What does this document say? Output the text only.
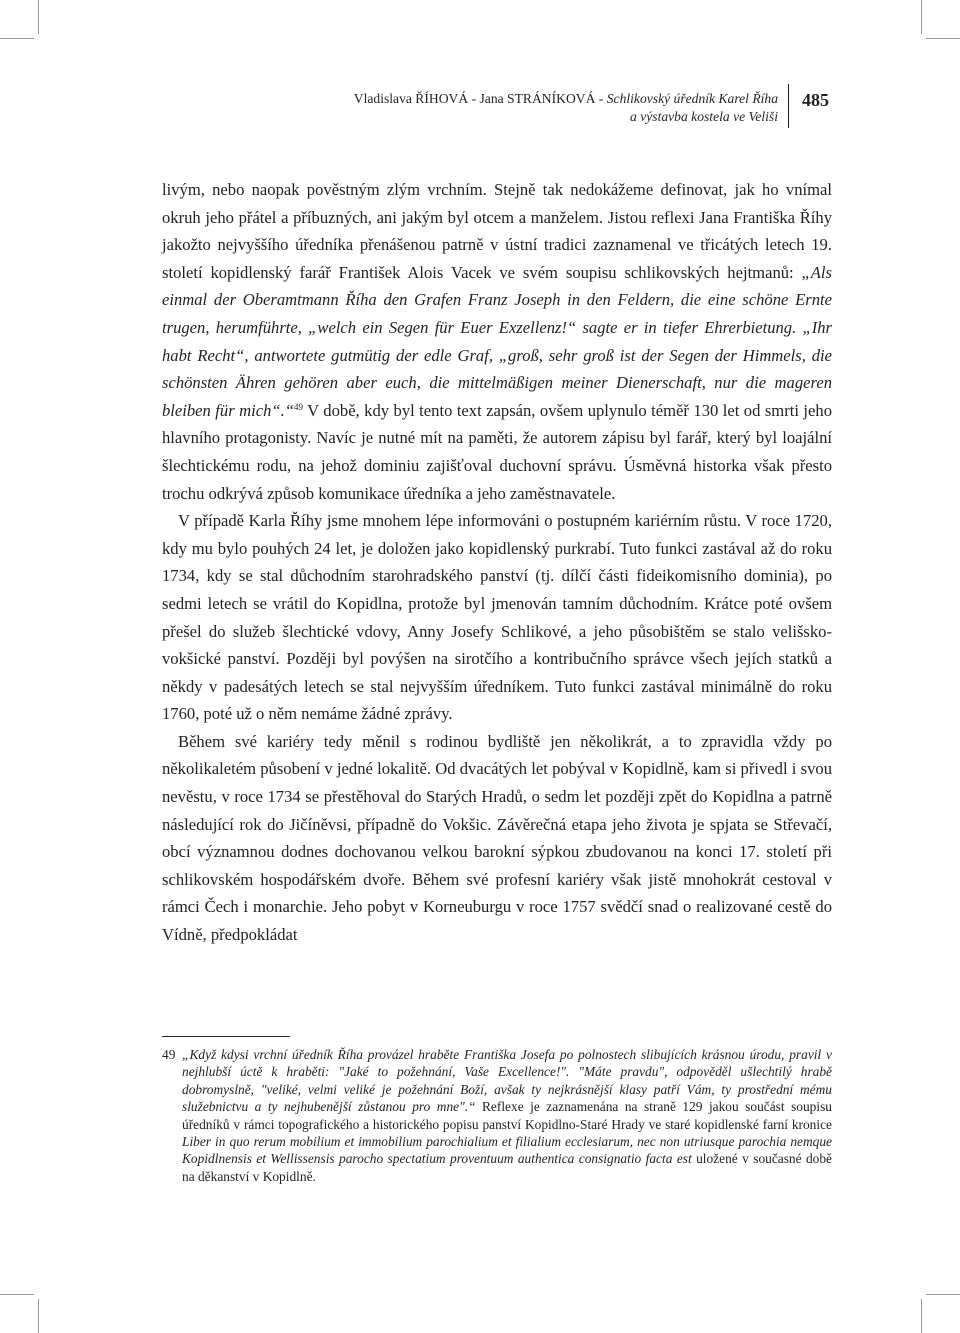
Vladislava ŘÍHOVÁ - Jana STRÁNÍKOVÁ - Schlikovský úředník Karel Říha
a výstavba kostela ve Veliši
485

livým, nebo naopak pověstným zlým vrchním. Stejně tak nedokážeme definovat, jak ho vnímal okruh jeho přátel a příbuzných, ani jakým byl otcem a manželem. Jistou reflexi Jana Františka Říhy jakožto nejvyššího úředníka přenášenou patrně v ústní tradici zaznamenal ve třicátých letech 19. století kopidlenský farář František Alois Vacek ve svém soupisu schlikovských hejtmanů: „Als einmal der Oberamtmann Říha den Grafen Franz Joseph in den Feldern, die eine schöne Ernte trugen, herumführte, „welch ein Segen für Euer Exzellenz!“ sagte er in tiefer Ehrerbietung. „Ihr habt Recht“, antwortete gutmütig der edle Graf, „groß, sehr groß ist der Segen der Himmels, die schönsten Ähren gehören aber euch, die mittelmäßigen meiner Dienerschaft, nur die mageren bleiben für mich“.“$^{49}$ V době, kdy byl tento text zapsán, ovšem uplynulo téměř 130 let od smrti jeho hlavního protagonisty. Navíc je nutné mít na paměti, že autorem zápisu byl farář, který byl loajální šlechtickému rodu, na jehož dominiu zajišťoval duchovní správu. Úsměvná historka však přesto trochu odkrývá způsob komunikace úředníka a jeho zaměstnavatele.

V případě Karla Říhy jsme mnohem lépe informováni o postupném kariérním růstu. V roce 1720, kdy mu bylo pouhých 24 let, je doložen jako kopidlenský purkrabí. Tuto funkci zastával až do roku 1734, kdy se stal důchodním starohradského panství (tj. dílčí části fideikomisního dominia), po sedmi letech se vrátil do Kopidlna, protože byl jmenován tamním důchodním. Krátce poté ovšem přešel do služeb šlechtické vdovy, Anny Josefy Schlikové, a jeho působištěm se stalo velišsko-vokšické panství. Později byl povýšen na sirotčího a kontribučního správce všech jejích statků a někdy v padesátých letech se stal nejvyšším úředníkem. Tuto funkci zastával minimálně do roku 1760, poté už o něm nemáme žádné zprávy.

Během své kariéry tedy měnil s rodinou bydliště jen několikrát, a to zpravidla vždy po několikaletém působení v jedné lokalitě. Od dvacátých let pobýval v Kopidlně, kam si přivedl i svou nevěstu, v roce 1734 se přestěhoval do Starých Hradů, o sedm let později zpět do Kopidlna a patrně následující rok do Jičíněvsi, případně do Vokšic. Závěrečná etapa jeho života je spjata se Střevačí, obcí významnou dodnes dochovanou velkou barokní sýpkou zbudovanou na konci 17. století při schlikovském hospodářském dvoře. Během své profesní kariéry však jistě mnohokrát cestoval v rámci Čech i monarchie. Jeho pobyt v Korneuburgu v roce 1757 svědčí snad o realizované cestě do Vídně, předpokládat

49 „Když kdysi vrchní úředník Říha provázel hraběte Františka Josefa po polnostech slibujících krásnou úrodu, pravil v nejhlubší úctě k hraběti: "Jaké to požehnání, Vaše Excellence!". "Máte pravdu", odpověděl ušlechtilý hrabě dobromyslně, "veliké, velmi veliké je požehnání Boží, avšak ty nejkrásnější klasy patří Vám, ty prostřední mému služebnictvu a ty nejhubenější zůstanou pro mne".“ Reflexe je zaznamenána na straně 129 jakou součást soupisu úředníků v rámci topografického a historického popisu panství Kopidlno-Staré Hrady ve staré kopidlenské farní kronice Liber in quo rerum mobilium et immobilium parochialium et filialium ecclesiarum, nec non utriusque parochia nemque Kopidlnensis et Wellissensis parocho spectatium proventuum authentica consignatio facta est uložené v současné době na děkanství v Kopidlně.
